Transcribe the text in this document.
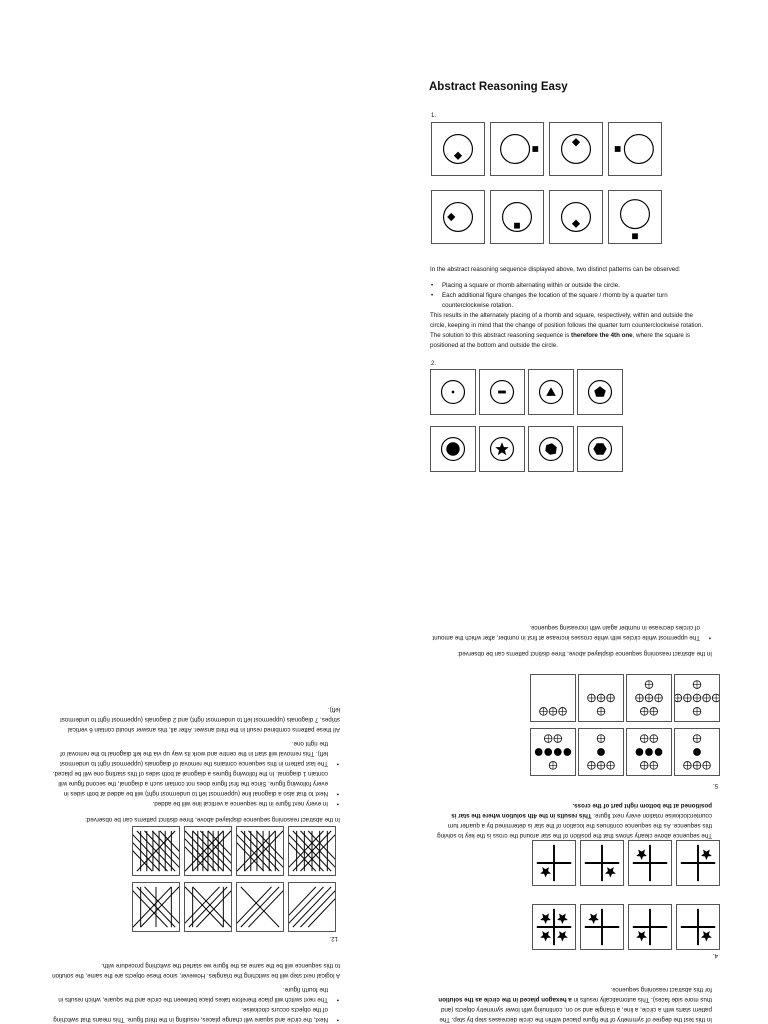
Abstract Reasoning Easy
1.

In the abstract reasoning sequence displayed above, two distinct patterns can be observed:

• Placing a square or rhomb alternating within or outside the circle.
• Each additional figure changes the location of the square / rhomb by a quarter turn counterclockwise rotation.

This results in the alternately placing of a rhomb and square, respectively, within and outside the circle, keeping in mind that the change of position follows the quarter turn counterclockwise rotation. The solution to this abstract reasoning sequence is therefore the 4th one, where the square is positioned at the bottom and outside the circle.

2.

In this test the degree of symmetry of the figure placed within the circle decreases step by step. The pattern starts with a circle, a line, a triangle and so on, continuing with lower symmetry objects (and thus more side faces). This automatically results in a hexagon placed in the circle as the solution for this abstract reasoning sequence.

4.

The sequence above clearly shows that the position of the star around the cross is the key to solving this sequence. As the sequence continues the location of the star is determined by a quarter turn counterclockwise rotation every next figure. This results in the 4th solution where the star is positioned at the bottom right part of the cross.

5.

In the abstract reasoning sequence displayed above, three distinct patterns can be observed:

• The uppermost white circles with white crosses increase at first in number, after which the amount of circles decrease in number again with increasing sequence.
• Next, the circle and square will change places, resulting in the third figure. This means that switching of the objects occurs clockwise.
• The next switch will place therefore takes place between the circle and the square, which results in the fourth figure.

A logical next step will be switching the triangles. However, since these objects are the same, the solution to this sequence will be the same as the figure we started the switching procedure with.

12.

In the abstract reasoning sequence displayed above, three distinct patterns can be observed:

• In every next figure in the sequence a vertical line will be added.
• Next to that also a diagonal line (uppermost left to undermost right) will be added at both sides in every following figure. Since the first figure does not contain such a diagonal, the second figure will contain 1 diagonal. In the following figures a diagonal at both sides of this starting one will be placed.
• The last pattern in this sequence contains the removal of diagonals (uppermost right to undermost left). This removal will start in the centre and work its way up via the left diagonal to the removal of the right one.

All these patterns combined result in the third answer. After all, this answer should contain 6 vertical stripes, 7 diagonals (uppermost left to undermost right) and 2 diagonals (uppermost right to undermost left).
